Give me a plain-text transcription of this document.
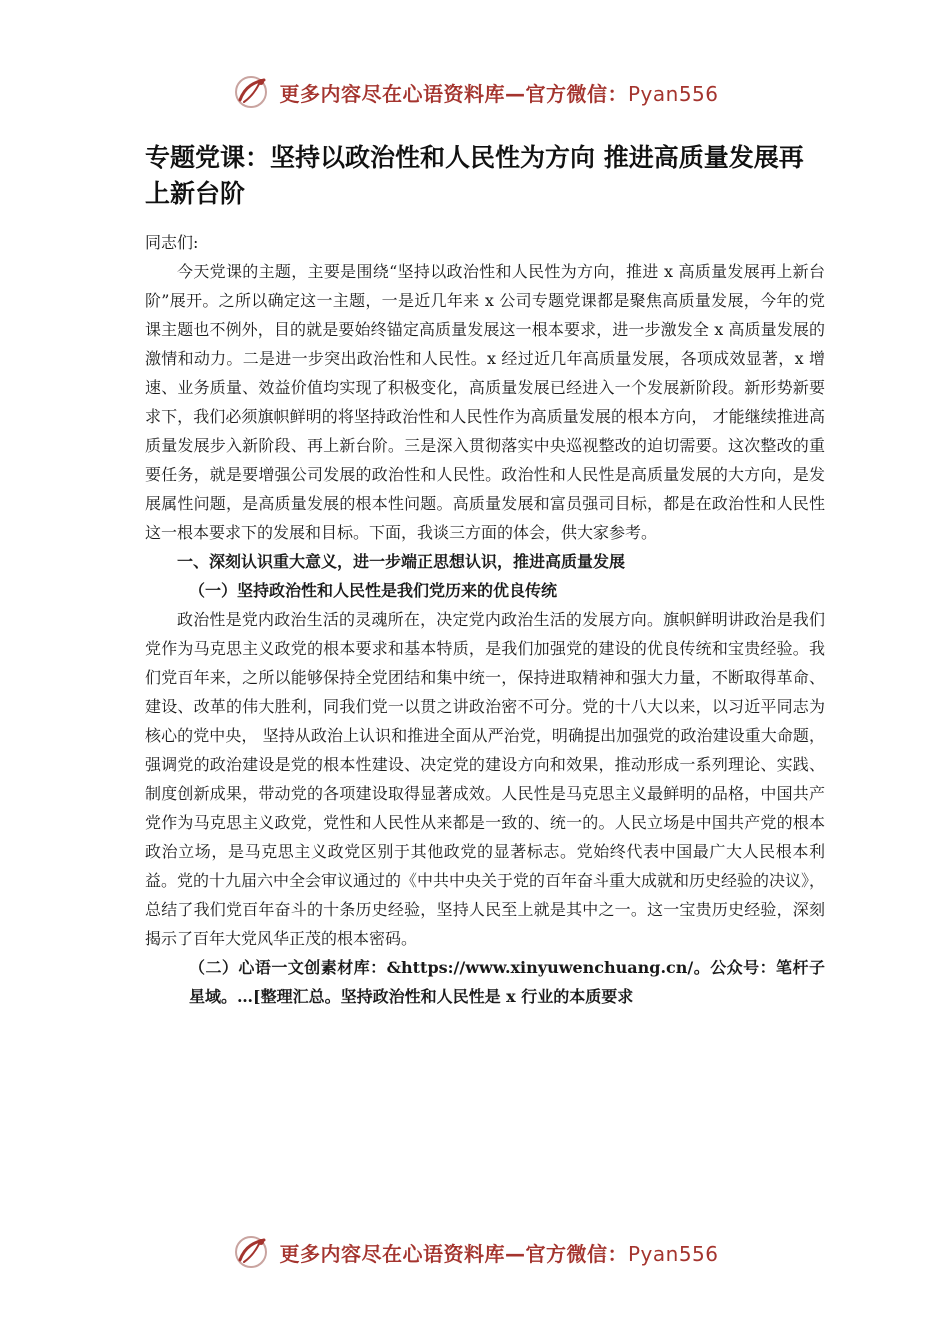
更多内容尽在心语资料库—官方微信：Pyan556
专题党课：坚持以政治性和人民性为方向 推进高质量发展再上新台阶

同志们:

今天党课的主题，主要是围绕“坚持以政治性和人民性为方向，推进 x 高质量发展再上新台阶”展开。之所以确定这一主题，一是近几年来 x 公司专题党课都是聚焦高质量发展，今年的党课主题也不例外，目的就是要始终锚定高质量发展这一根本要求，进一步激发全 x 高质量发展的激情和动力。二是进一步突出政治性和人民性。x 经过近几年高质量发展，各项成效显著，x 增速、业务质量、效益价值均实现了积极变化，高质量发展已经进入一个发展新阶段。新形势新要求下，我们必须旗帜鲜明的将坚持政治性和人民性作为高质量发展的根本方向， 才能继续推进高质量发展步入新阶段、再上新台阶。三是深入贯彻落实中央巡视整改的迫切需要。这次整改的重要任务，就是要增强公司发展的政治性和人民性。政治性和人民性是高质量发展的大方向，是发展属性问题，是高质量发展的根本性问题。高质量发展和富员强司目标，都是在政治性和人民性这一根本要求下的发展和目标。下面，我谈三方面的体会，供大家参考。

一、深刻认识重大意义，进一步端正思想认识，推进高质量发展

（一）坚持政治性和人民性是我们党历来的优良传统

政治性是党内政治生活的灵魂所在，决定党内政治生活的发展方向。旗帜鲜明讲政治是我们党作为马克思主义政党的根本要求和基本特质，是我们加强党的建设的优良传统和宝贵经验。我们党百年来，之所以能够保持全党团结和集中统一，保持进取精神和强大力量，不断取得革命、建设、改革的伟大胜利，同我们党一以贯之讲政治密不可分。党的十八大以来，以习近平同志为核心的党中央， 坚持从政治上认识和推进全面从严治党，明确提出加强党的政治建设重大命题， 强调党的政治建设是党的根本性建设、决定党的建设方向和效果，推动形成一系列理论、实践、制度创新成果，带动党的各项建设取得显著成效。人民性是马克思主义最鲜明的品格，中国共产党作为马克思主义政党，党性和人民性从来都是一致的、统一的。人民立场是中国共产党的根本政治立场，是马克思主义政党区别于其他政党的显著标志。党始终代表中国最广大人民根本利益。党的十九届六中全会审议通过的《中共中央关于党的百年奋斗重大成就和历史经验的决议》， 总结了我们党百年奋斗的十条历史经验，坚持人民至上就是其中之一。这一宝贵历史经验，深刻揭示了百年大党风华正茂的根本密码。

（二）心语一文创素材库：&https://www.xinyuwenchuang.cn/。公众号：笔杆子星域。…[整理汇总。坚持政治性和人民性是 x 行业的本质要求

更多内容尽在心语资料库—官方微信：Pyan556
